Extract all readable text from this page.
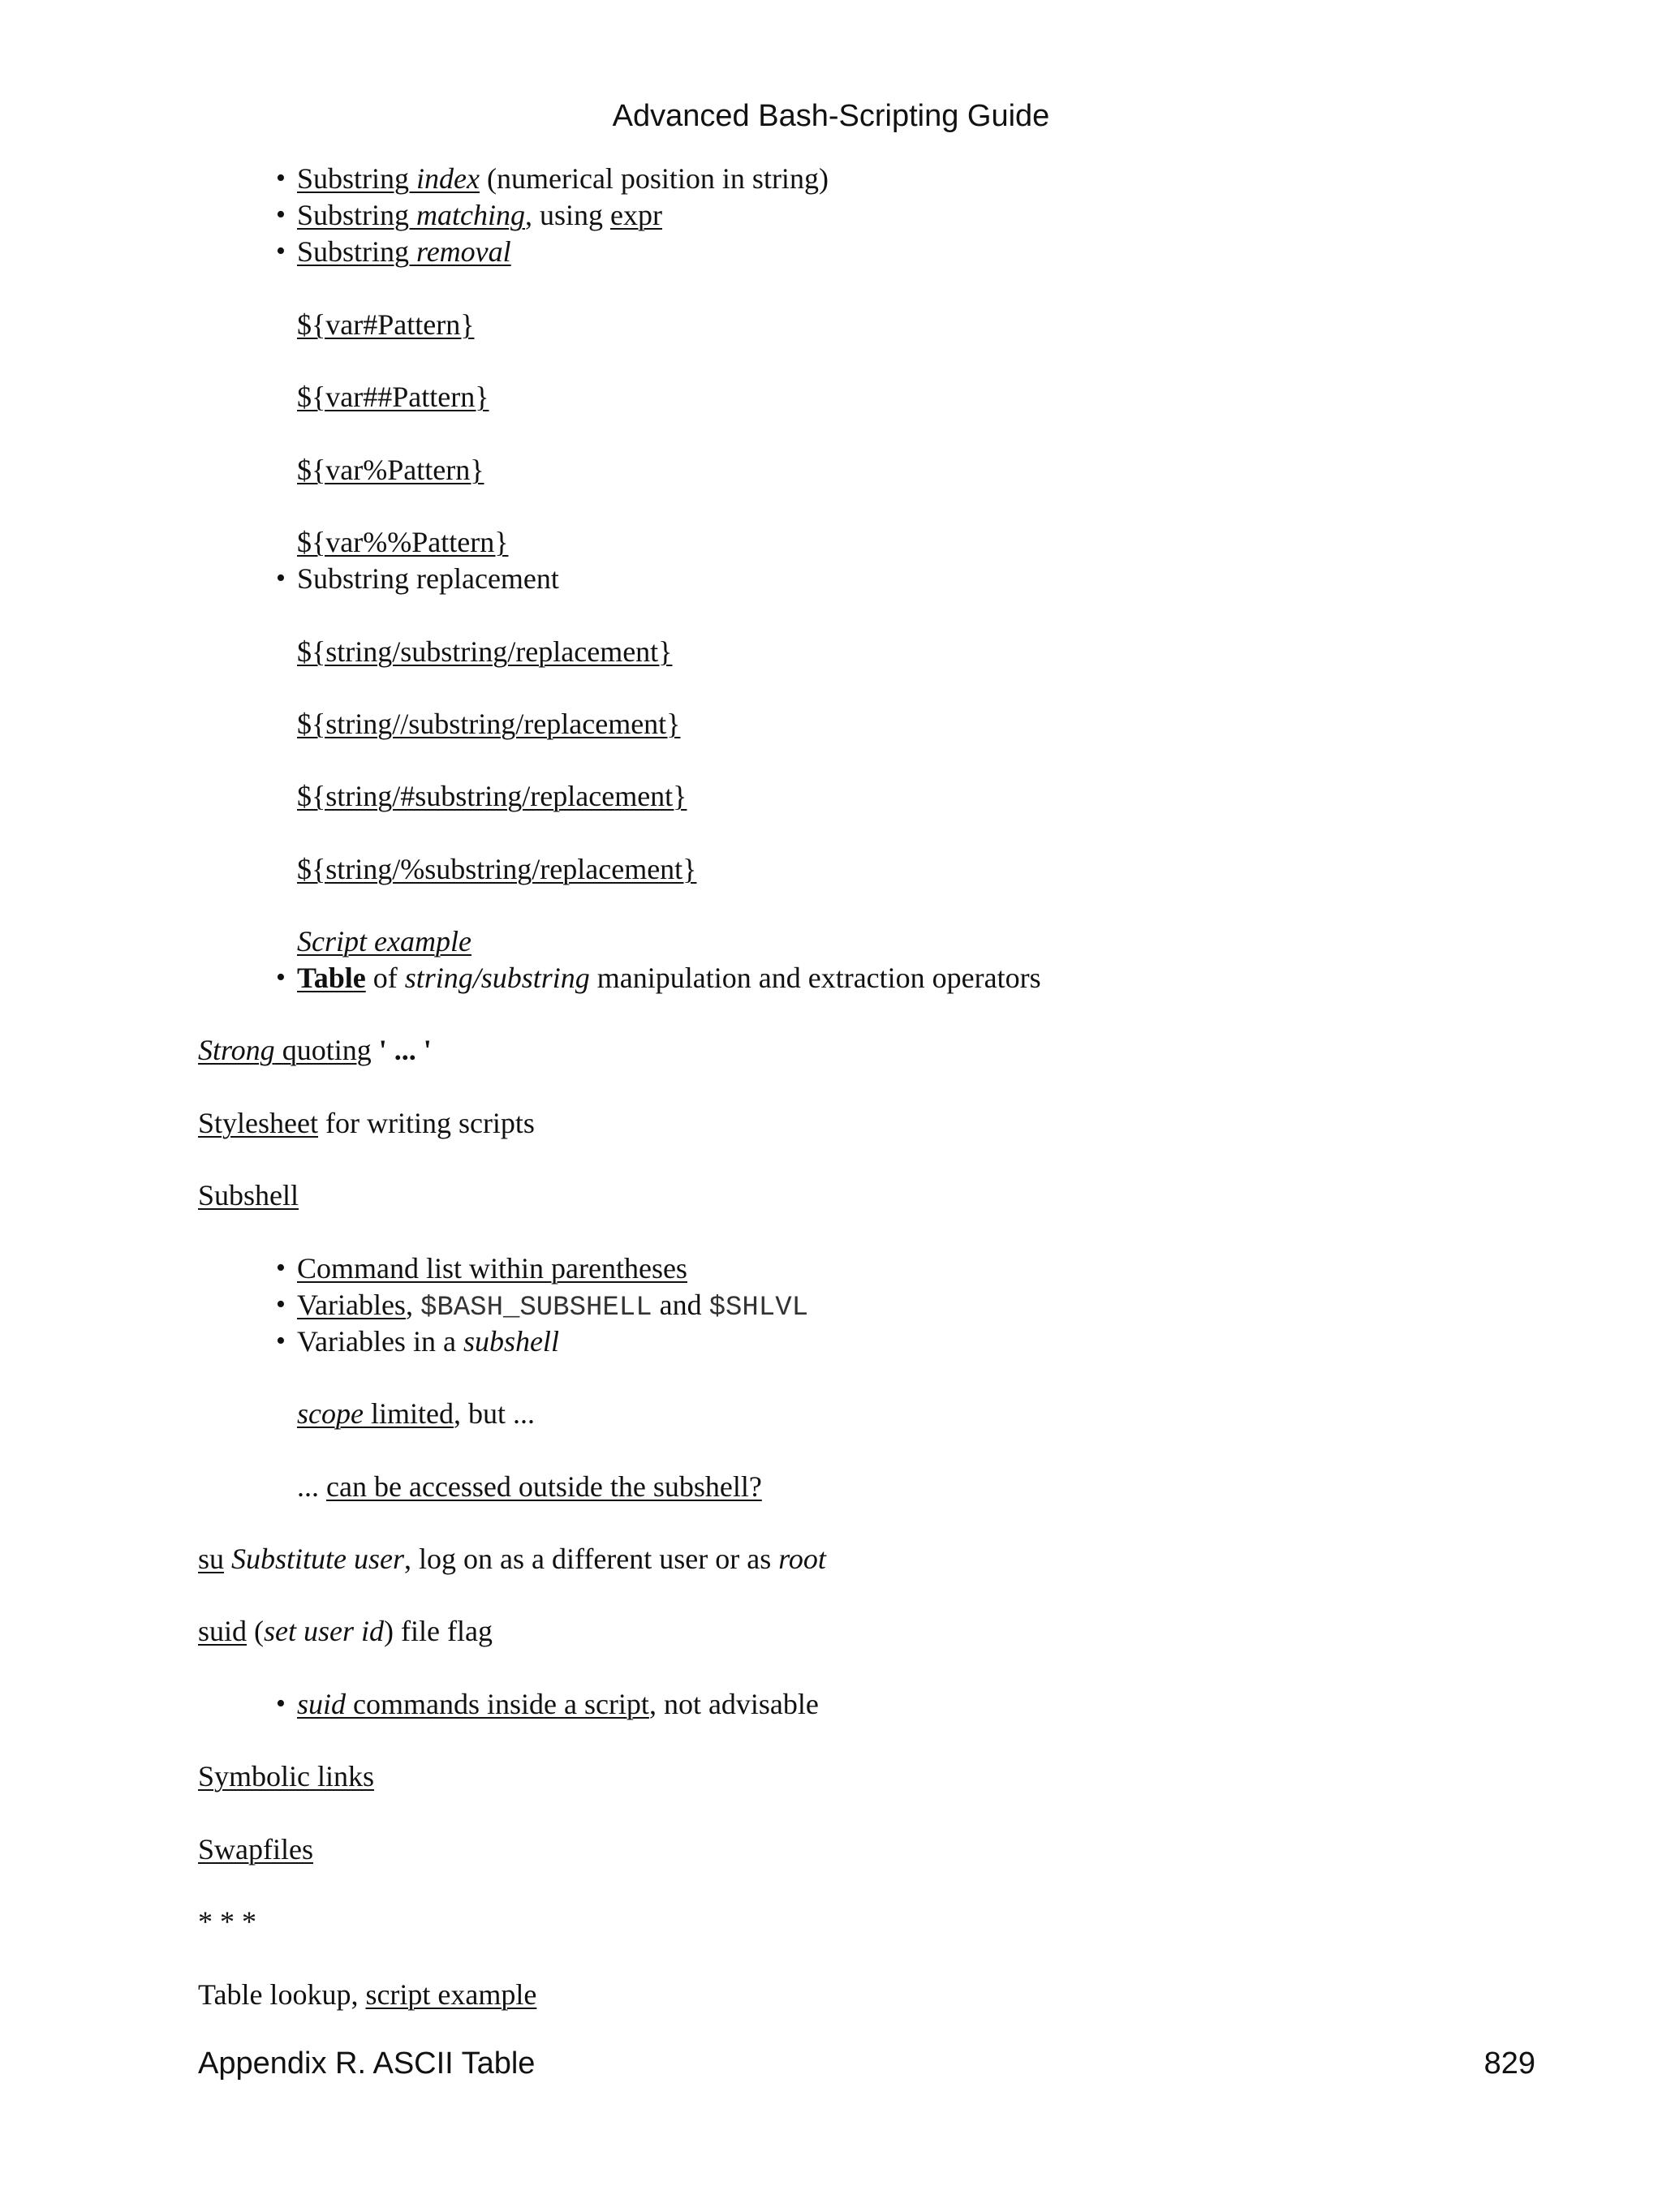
Advanced Bash-Scripting Guide
• Substring index (numerical position in string)
• Substring matching, using expr
• Substring removal
${var#Pattern}
${var##Pattern}
${var%Pattern}
${var%%Pattern}
• Substring replacement
${string/substring/replacement}
${string//substring/replacement}
${string/#substring/replacement}
${string/%substring/replacement}
Script example
• Table of string/substring manipulation and extraction operators
Strong quoting ' ... '
Stylesheet for writing scripts
Subshell
• Command list within parentheses
• Variables, $BASH_SUBSHELL and $SHLVL
• Variables in a subshell
scope limited, but ...
... can be accessed outside the subshell?
su Substitute user, log on as a different user or as root
suid (set user id) file flag
• suid commands inside a script, not advisable
Symbolic links
Swapfiles
* * *
Table lookup, script example
Appendix R. ASCII Table	829
